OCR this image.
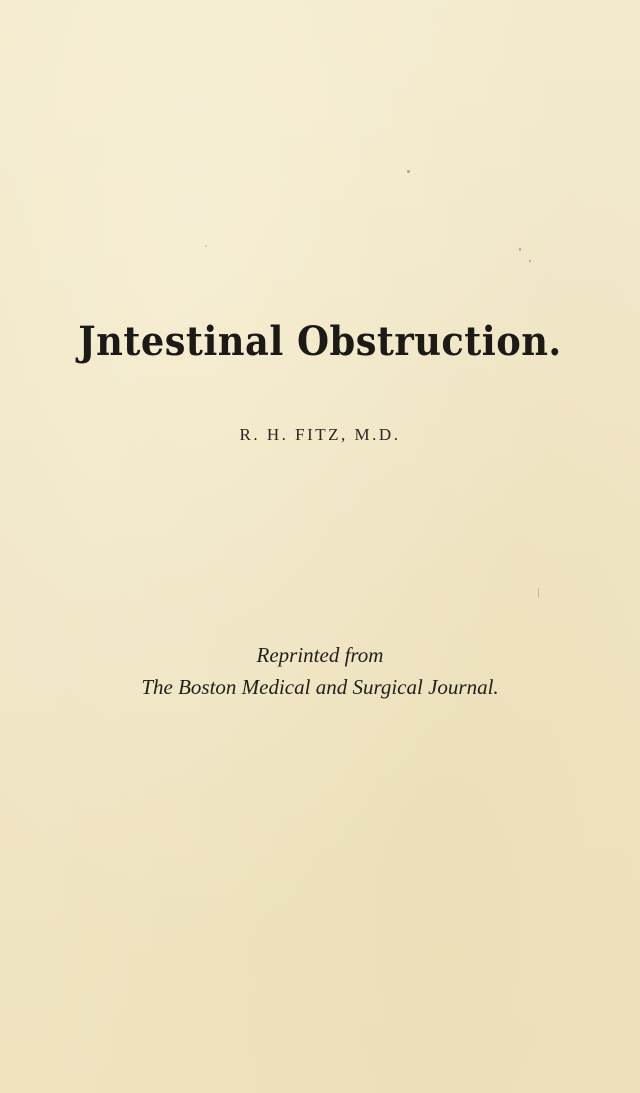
Jntestinal Obstruction.
R. H. FITZ, M.D.
Reprinted from
The Boston Medical and Surgical Journal.
